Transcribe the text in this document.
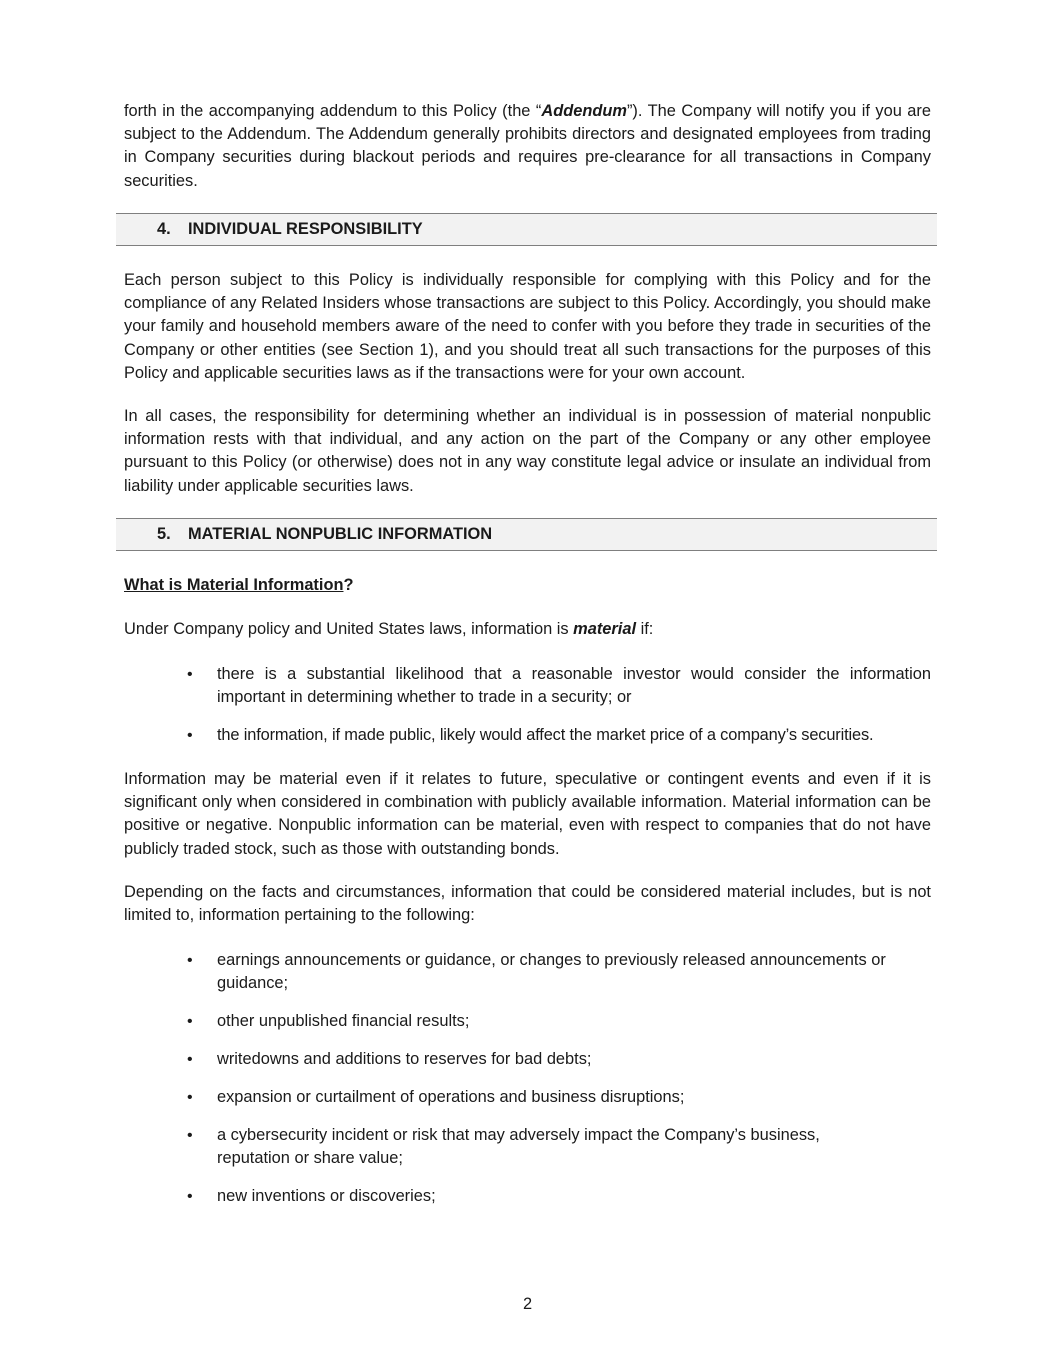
forth in the accompanying addendum to this Policy (the “Addendum”). The Company will notify you if you are subject to the Addendum. The Addendum generally prohibits directors and designated employees from trading in Company securities during blackout periods and requires pre-clearance for all transactions in Company securities.

4. INDIVIDUAL RESPONSIBILITY

Each person subject to this Policy is individually responsible for complying with this Policy and for the compliance of any Related Insiders whose transactions are subject to this Policy. Accordingly, you should make your family and household members aware of the need to confer with you before they trade in securities of the Company or other entities (see Section 1), and you should treat all such transactions for the purposes of this Policy and applicable securities laws as if the transactions were for your own account.

In all cases, the responsibility for determining whether an individual is in possession of material nonpublic information rests with that individual, and any action on the part of the Company or any other employee pursuant to this Policy (or otherwise) does not in any way constitute legal advice or insulate an individual from liability under applicable securities laws.

5. MATERIAL NONPUBLIC INFORMATION

What is Material Information?

Under Company policy and United States laws, information is material if:

• there is a substantial likelihood that a reasonable investor would consider the information important in determining whether to trade in a security; or
• the information, if made public, likely would affect the market price of a company’s securities.

Information may be material even if it relates to future, speculative or contingent events and even if it is significant only when considered in combination with publicly available information. Material information can be positive or negative. Nonpublic information can be material, even with respect to companies that do not have publicly traded stock, such as those with outstanding bonds.

Depending on the facts and circumstances, information that could be considered material includes, but is not limited to, information pertaining to the following:

• earnings announcements or guidance, or changes to previously released announcements or guidance;
• other unpublished financial results;
• writedowns and additions to reserves for bad debts;
• expansion or curtailment of operations and business disruptions;
• a cybersecurity incident or risk that may adversely impact the Company’s business, reputation or share value;
• new inventions or discoveries;
2
